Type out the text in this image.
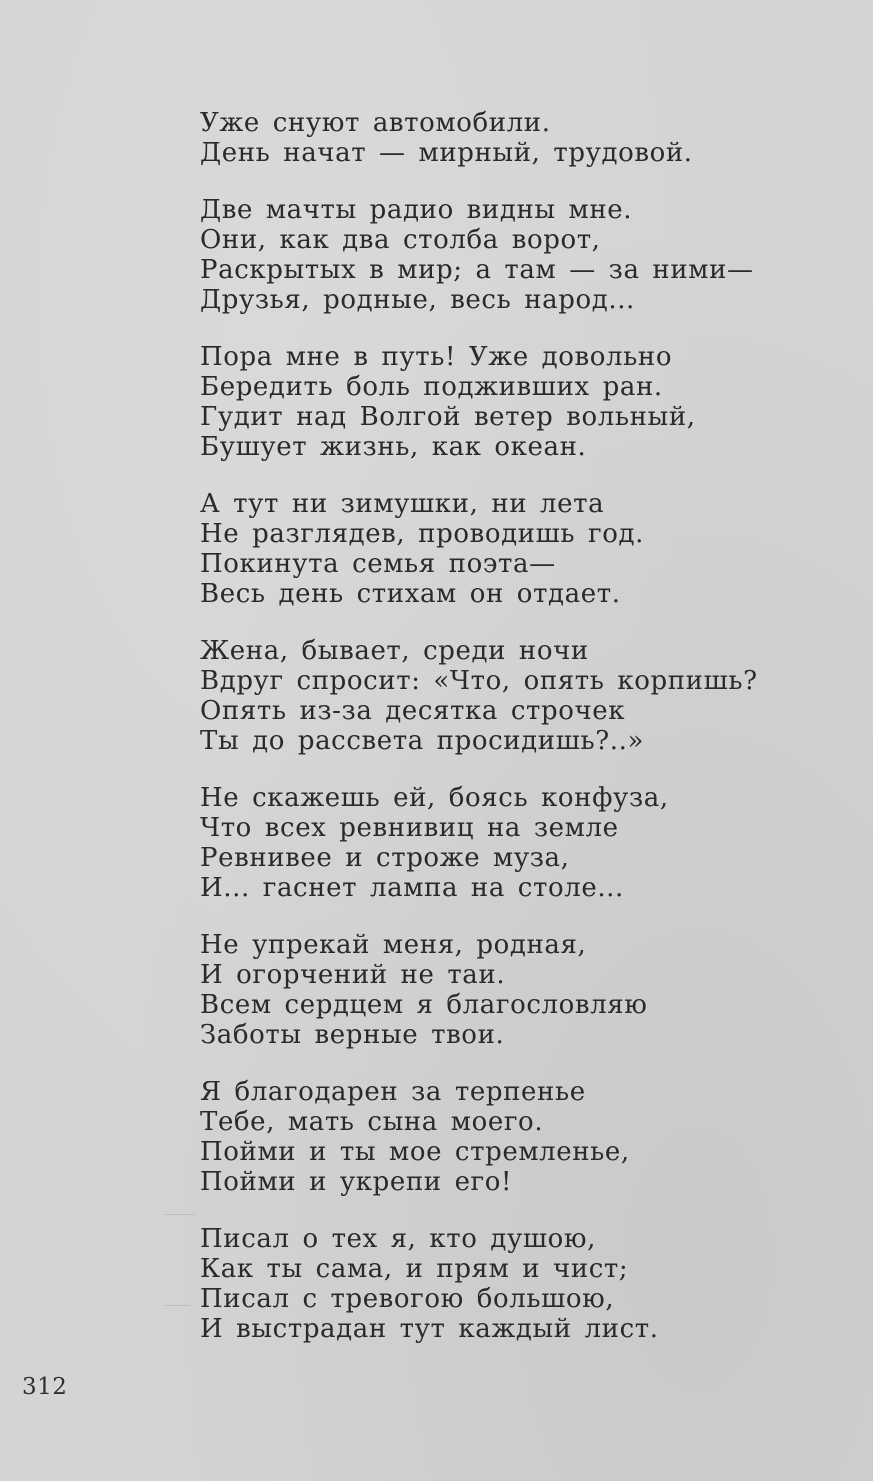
Уже снуют автомобили.
День начат — мирный, трудовой.
Две мачты радио видны мне.
Они, как два столба ворот,
Раскрытых в мир; а там — за ними—
Друзья, родные, весь народ...
Пора мне в путь! Уже довольно
Бередить боль поджившиx ран.
Гудит над Волгой ветер вольный,
Бушует жизнь, как океан.
А тут ни зимушки, ни лета
Не разглядев, проводишь год.
Покинута семья поэта—
Весь день стихам он отдает.
Жена, бывает, среди ночи
Вдруг спросит: «Что, опять корпишь?
Опять из-за десятка строчек
Ты до рассвета просидишь?..»
Не скажешь ей, боясь конфуза,
Что всех ревнивиц на земле
Ревнивее и строже муза,
И... гаснет лампа на столе...
Не упрекай меня, родная,
И огорчений не таи.
Всем сердцем я благословляю
Заботы верные твои.
Я благодарен за терпенье
Тебе, мать сына моего.
Пойми и ты мое стремленье,
Пойми и укрепи его!
Писал о тех я, кто душою,
Как ты сама, и прям и чист;
Писал с тревогою большою,
И выстрадан тут каждый лист.
312
